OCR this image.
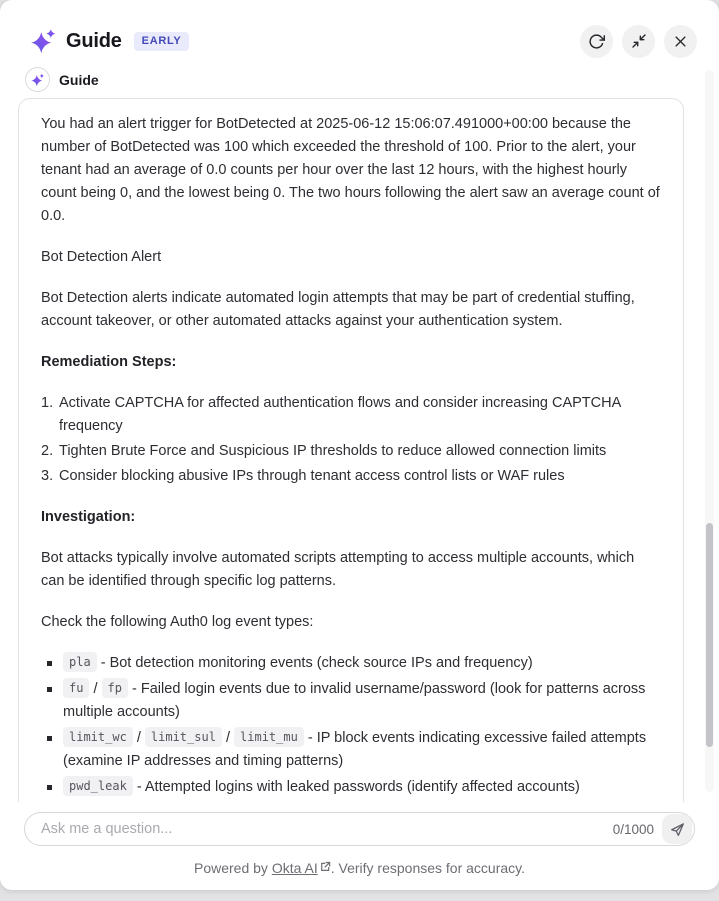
Guide	EARLY
Guide

You had an alert trigger for BotDetected at 2025-06-12 15:06:07.491000+00:00 because the number of BotDetected was 100 which exceeded the threshold of 100. Prior to the alert, your tenant had an average of 0.0 counts per hour over the last 12 hours, with the highest hourly count being 0, and the lowest being 0. The two hours following the alert saw an average count of 0.0.

Bot Detection Alert

Bot Detection alerts indicate automated login attempts that may be part of credential stuffing, account takeover, or other automated attacks against your authentication system.

Remediation Steps:

1. Activate CAPTCHA for affected authentication flows and consider increasing CAPTCHA frequency
2. Tighten Brute Force and Suspicious IP thresholds to reduce allowed connection limits
3. Consider blocking abusive IPs through tenant access control lists or WAF rules

Investigation:

Bot attacks typically involve automated scripts attempting to access multiple accounts, which can be identified through specific log patterns.

Check the following Auth0 log event types:

pla - Bot detection monitoring events (check source IPs and frequency)
fu / fp - Failed login events due to invalid username/password (look for patterns across multiple accounts)
limit_wc / limit_sul / limit_mu - IP block events indicating excessive failed attempts (examine IP addresses and timing patterns)
pwd_leak - Attempted logins with leaked passwords (identify affected accounts)
Ask me a question...
0/1000
Powered by Okta AI . Verify responses for accuracy.
